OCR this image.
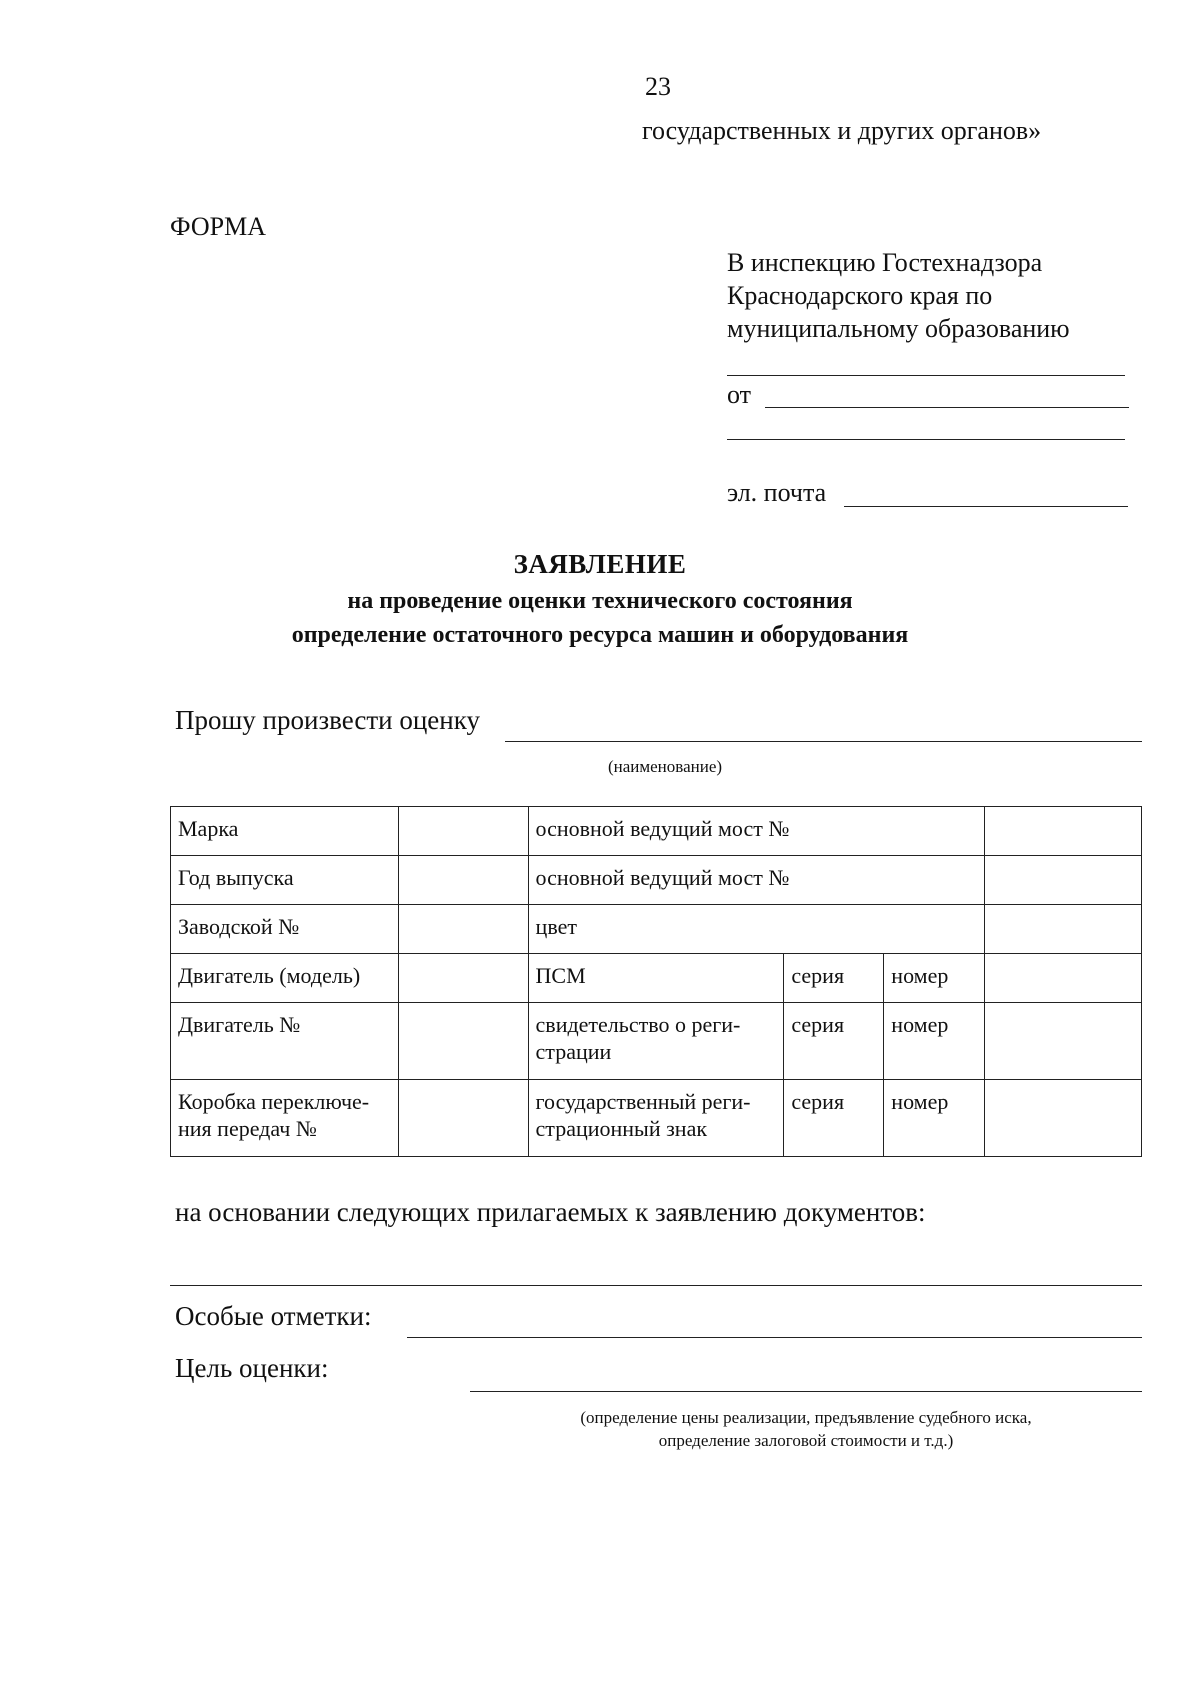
23
государственных и других органов»
ФОРМА
В инспекцию Гостехнадзора
Краснодарского края по
муниципальному образованию
от
эл. почта
ЗАЯВЛЕНИЕ
на проведение оценки технического состояния
определение остаточного ресурса машин и оборудования
Прошу произвести оценку
(наименование)
Марка		основной ведущий мост №			
Год выпуска		основной ведущий мост №			
Заводской №		цвет			
Двигатель (модель)		ПСМ	серия	номер	
Двигатель №		свидетельство о реги-страции	серия	номер	
Коробка переключе-ния передач №		государственный реги-страционный знак	серия	номер	
на основании следующих прилагаемых к заявлению документов:
Особые отметки:
Цель оценки:
(определение цены реализации, предъявление судебного иска,
определение залоговой стоимости и т.д.)
